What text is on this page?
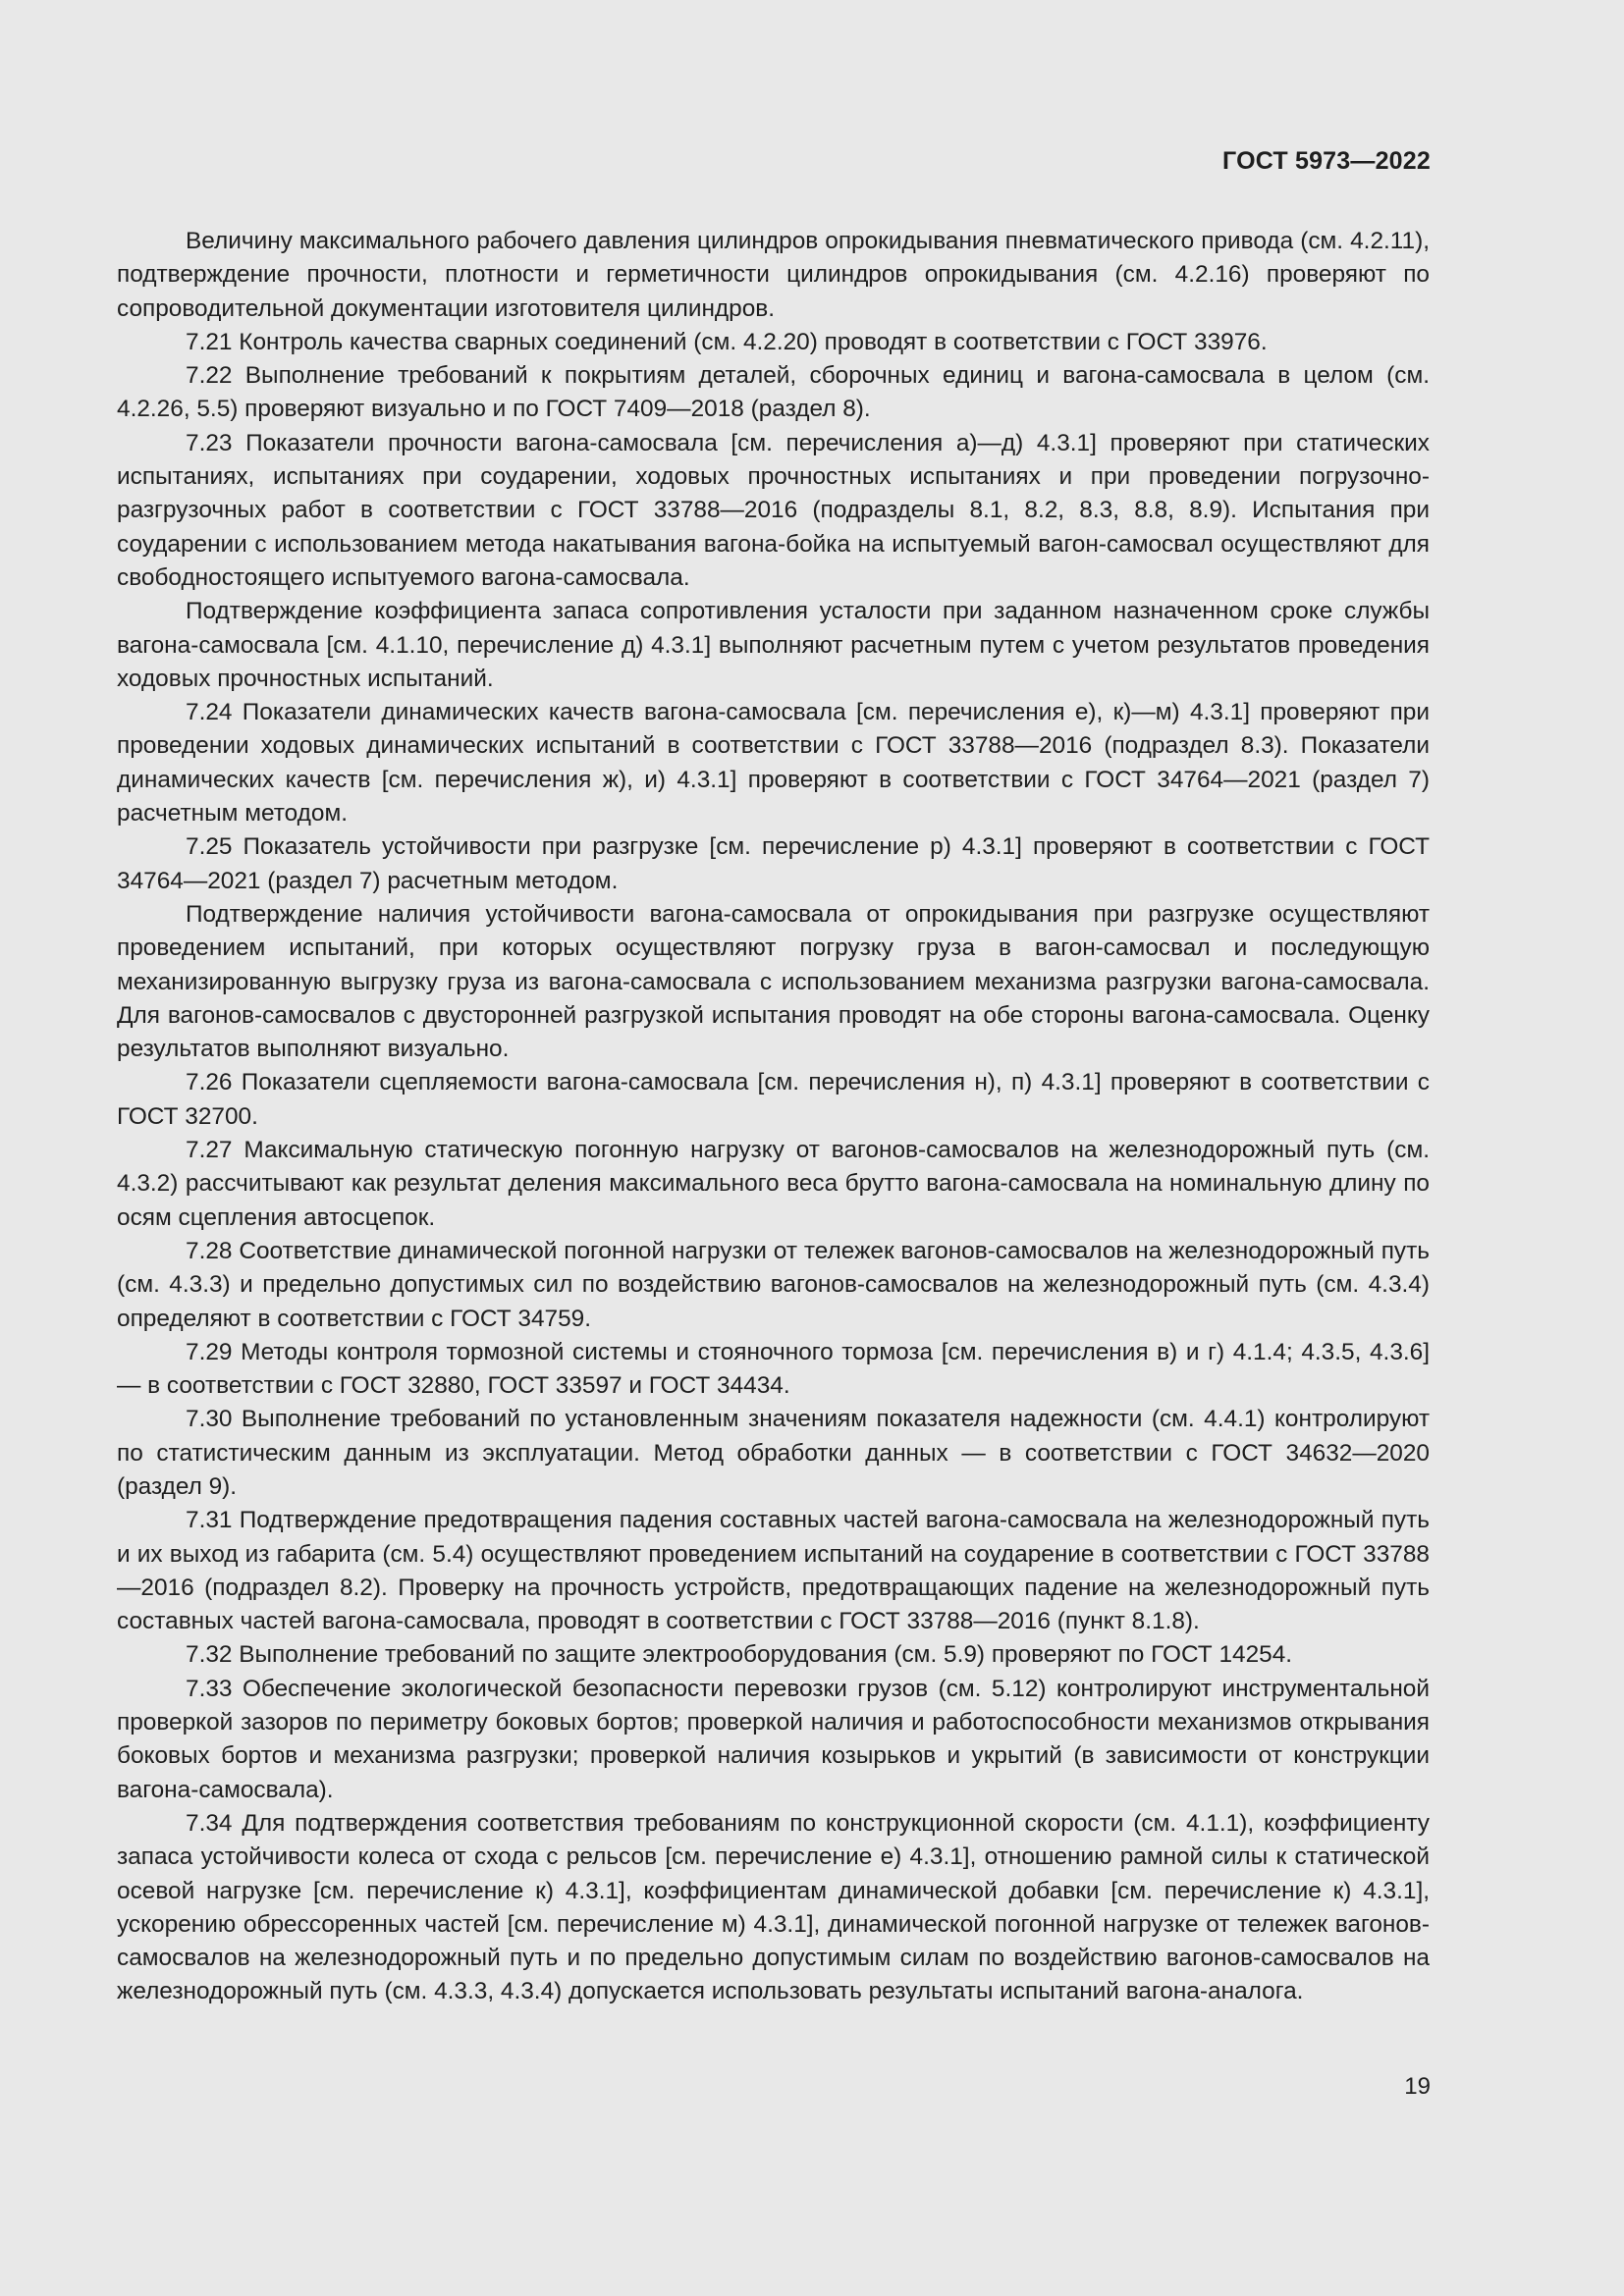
ГОСТ 5973—2022

Величину максимального рабочего давления цилиндров опрокидывания пневматического привода (см. 4.2.11), подтверждение прочности, плотности и герметичности цилиндров опрокидывания (см. 4.2.16) проверяют по сопроводительной документации изготовителя цилиндров.

7.21 Контроль качества сварных соединений (см. 4.2.20) проводят в соответствии с ГОСТ 33976.

7.22 Выполнение требований к покрытиям деталей, сборочных единиц и вагона-самосвала в целом (см. 4.2.26, 5.5) проверяют визуально и по ГОСТ 7409—2018 (раздел 8).

7.23 Показатели прочности вагона-самосвала [см. перечисления а)—д) 4.3.1] проверяют при статических испытаниях, испытаниях при соударении, ходовых прочностных испытаниях и при проведении погрузочно-разгрузочных работ в соответствии с ГОСТ 33788—2016 (подразделы 8.1, 8.2, 8.3, 8.8, 8.9). Испытания при соударении с использованием метода накатывания вагона-бойка на испытуемый вагон-самосвал осуществляют для свободностоящего испытуемого вагона-самосвала.

Подтверждение коэффициента запаса сопротивления усталости при заданном назначенном сроке службы вагона-самосвала [см. 4.1.10, перечисление д) 4.3.1] выполняют расчетным путем с учетом результатов проведения ходовых прочностных испытаний.

7.24 Показатели динамических качеств вагона-самосвала [см. перечисления е), к)—м) 4.3.1] проверяют при проведении ходовых динамических испытаний в соответствии с ГОСТ 33788—2016 (подраздел 8.3). Показатели динамических качеств [см. перечисления ж), и) 4.3.1] проверяют в соответствии с ГОСТ 34764—2021 (раздел 7) расчетным методом.

7.25 Показатель устойчивости при разгрузке [см. перечисление р) 4.3.1] проверяют в соответствии с ГОСТ 34764—2021 (раздел 7) расчетным методом.

Подтверждение наличия устойчивости вагона-самосвала от опрокидывания при разгрузке осуществляют проведением испытаний, при которых осуществляют погрузку груза в вагон-самосвал и последующую механизированную выгрузку груза из вагона-самосвала с использованием механизма разгрузки вагона-самосвала. Для вагонов-самосвалов с двусторонней разгрузкой испытания проводят на обе стороны вагона-самосвала. Оценку результатов выполняют визуально.

7.26 Показатели сцепляемости вагона-самосвала [см. перечисления н), п) 4.3.1] проверяют в соответствии с ГОСТ 32700.

7.27 Максимальную статическую погонную нагрузку от вагонов-самосвалов на железнодорожный путь (см. 4.3.2) рассчитывают как результат деления максимального веса брутто вагона-самосвала на номинальную длину по осям сцепления автосцепок.

7.28 Соответствие динамической погонной нагрузки от тележек вагонов-самосвалов на железнодорожный путь (см. 4.3.3) и предельно допустимых сил по воздействию вагонов-самосвалов на железнодорожный путь (см. 4.3.4) определяют в соответствии с ГОСТ 34759.

7.29 Методы контроля тормозной системы и стояночного тормоза [см. перечисления в) и г) 4.1.4; 4.3.5, 4.3.6] — в соответствии с ГОСТ 32880, ГОСТ 33597 и ГОСТ 34434.

7.30 Выполнение требований по установленным значениям показателя надежности (см. 4.4.1) контролируют по статистическим данным из эксплуатации. Метод обработки данных — в соответствии с ГОСТ 34632—2020 (раздел 9).

7.31 Подтверждение предотвращения падения составных частей вагона-самосвала на железнодорожный путь и их выход из габарита (см. 5.4) осуществляют проведением испытаний на соударение в соответствии с ГОСТ 33788—2016 (подраздел 8.2). Проверку на прочность устройств, предотвращающих падение на железнодорожный путь составных частей вагона-самосвала, проводят в соответствии с ГОСТ 33788—2016 (пункт 8.1.8).

7.32 Выполнение требований по защите электрооборудования (см. 5.9) проверяют по ГОСТ 14254.

7.33 Обеспечение экологической безопасности перевозки грузов (см. 5.12) контролируют инструментальной проверкой зазоров по периметру боковых бортов; проверкой наличия и работоспособности механизмов открывания боковых бортов и механизма разгрузки; проверкой наличия козырьков и укрытий (в зависимости от конструкции вагона-самосвала).

7.34 Для подтверждения соответствия требованиям по конструкционной скорости (см. 4.1.1), коэффициенту запаса устойчивости колеса от схода с рельсов [см. перечисление е) 4.3.1], отношению рамной силы к статической осевой нагрузке [см. перечисление к) 4.3.1], коэффициентам динамической добавки [см. перечисление к) 4.3.1], ускорению обрессоренных частей [см. перечисление м) 4.3.1], динамической погонной нагрузке от тележек вагонов-самосвалов на железнодорожный путь и по предельно допустимым силам по воздействию вагонов-самосвалов на железнодорожный путь (см. 4.3.3, 4.3.4) допускается использовать результаты испытаний вагона-аналога.

19
